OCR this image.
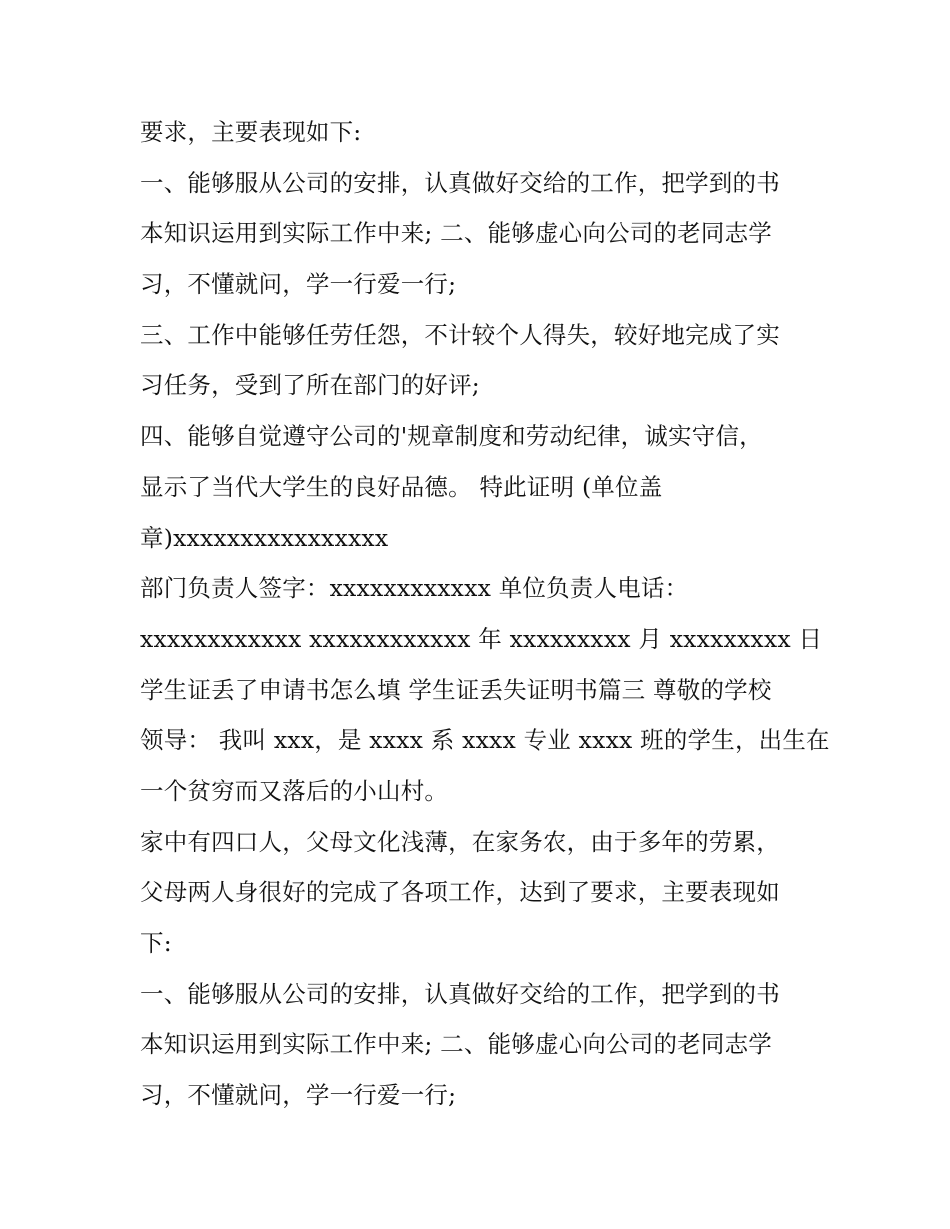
要求，主要表现如下:
一、能够服从公司的安排，认真做好交给的工作，把学到的书
本知识运用到实际工作中来; 二、能够虚心向公司的老同志学
习，不懂就问，学一行爱一行;
三、工作中能够任劳任怨，不计较个人得失，较好地完成了实
习任务，受到了所在部门的好评;
四、能够自觉遵守公司的'规章制度和劳动纪律，诚实守信，
显示了当代大学生的良好品德。 特此证明 (单位盖
章)xxxxxxxxxxxxxxxx
部门负责人签字：xxxxxxxxxxxx 单位负责人电话：
xxxxxxxxxxxx xxxxxxxxxxxx 年 xxxxxxxxx 月 xxxxxxxxx 日
学生证丢了申请书怎么填 学生证丢失证明书篇三 尊敬的学校
领导： 我叫 xxx，是 xxxx 系 xxxx 专业 xxxx 班的学生，出生在
一个贫穷而又落后的小山村。
家中有四口人，父母文化浅薄，在家务农，由于多年的劳累，
父母两人身很好的完成了各项工作，达到了要求，主要表现如
下:
一、能够服从公司的安排，认真做好交给的工作，把学到的书
本知识运用到实际工作中来; 二、能够虚心向公司的老同志学
习，不懂就问，学一行爱一行;
